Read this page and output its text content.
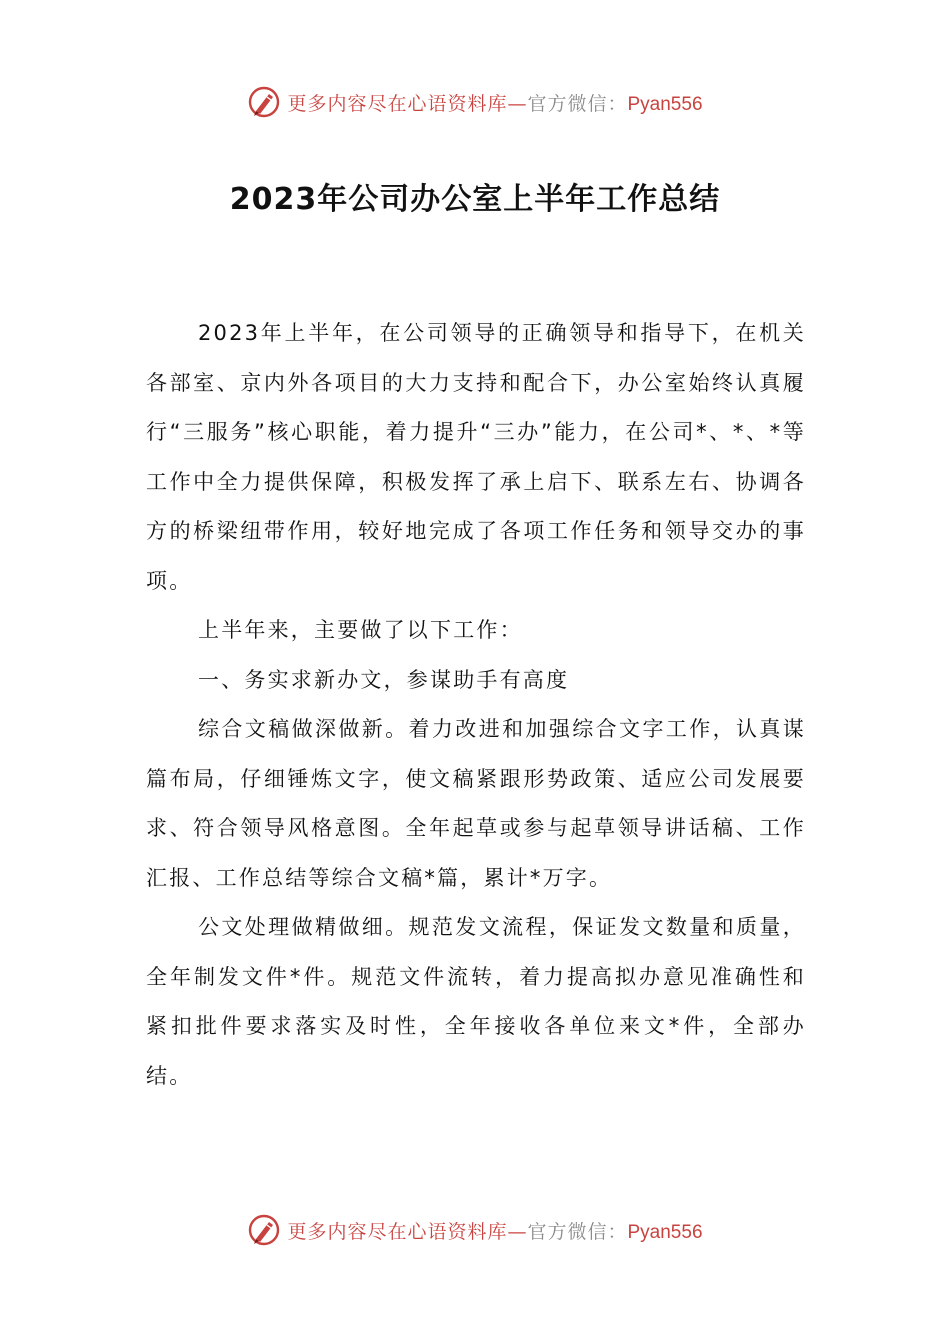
更多内容尽在心语资料库—官方微信：Pyan556
2023年公司办公室上半年工作总结

2023年上半年，在公司领导的正确领导和指导下，在机关各部室、京内外各项目的大力支持和配合下，办公室始终认真履行“三服务”核心职能，着力提升“三办”能力，在公司*、*、*等工作中全力提供保障，积极发挥了承上启下、联系左右、协调各方的桥梁纽带作用，较好地完成了各项工作任务和领导交办的事项。

上半年来，主要做了以下工作：

一、务实求新办文，参谋助手有高度

综合文稿做深做新。着力改进和加强综合文字工作，认真谋篇布局，仔细锤炼文字，使文稿紧跟形势政策、适应公司发展要求、符合领导风格意图。全年起草或参与起草领导讲话稿、工作汇报、工作总结等综合文稿*篇，累计*万字。

公文处理做精做细。规范发文流程，保证发文数量和质量，全年制发文件*件。规范文件流转，着力提高拟办意见准确性和紧扣批件要求落实及时性，全年接收各单位来文*件，全部办结。

更多内容尽在心语资料库—官方微信：Pyan556
